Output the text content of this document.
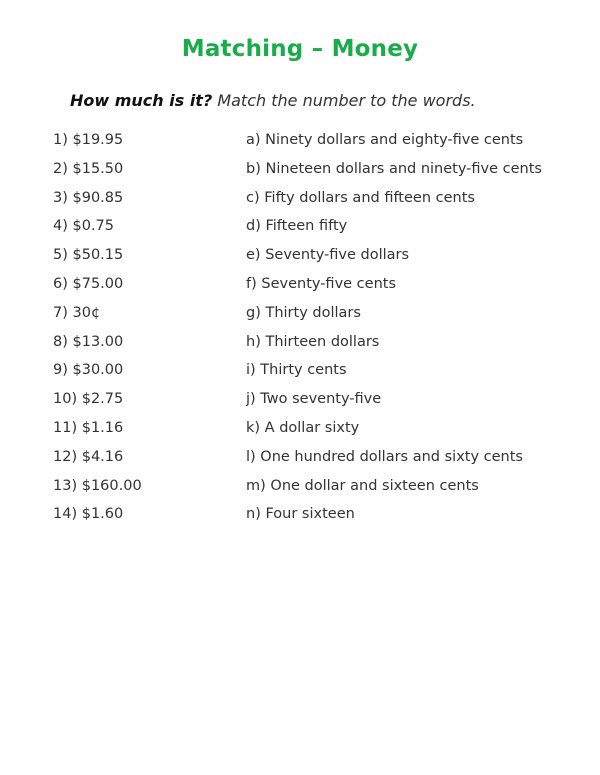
Matching – Money
How much is it? Match the number to the words.
1) $19.95
2) $15.50
3) $90.85
4) $0.75
5) $50.15
6) $75.00
7) 30¢
8) $13.00
9) $30.00
10) $2.75
11) $1.16
12) $4.16
13) $160.00
14) $1.60
a) Ninety dollars and eighty-five cents
b) Nineteen dollars and ninety-five cents
c) Fifty dollars and fifteen cents
d) Fifteen fifty
e) Seventy-five dollars
f) Seventy-five cents
g) Thirty dollars
h) Thirteen dollars
i) Thirty cents
j) Two seventy-five
k) A dollar sixty
l) One hundred dollars and sixty cents
m) One dollar and sixteen cents
n) Four sixteen
